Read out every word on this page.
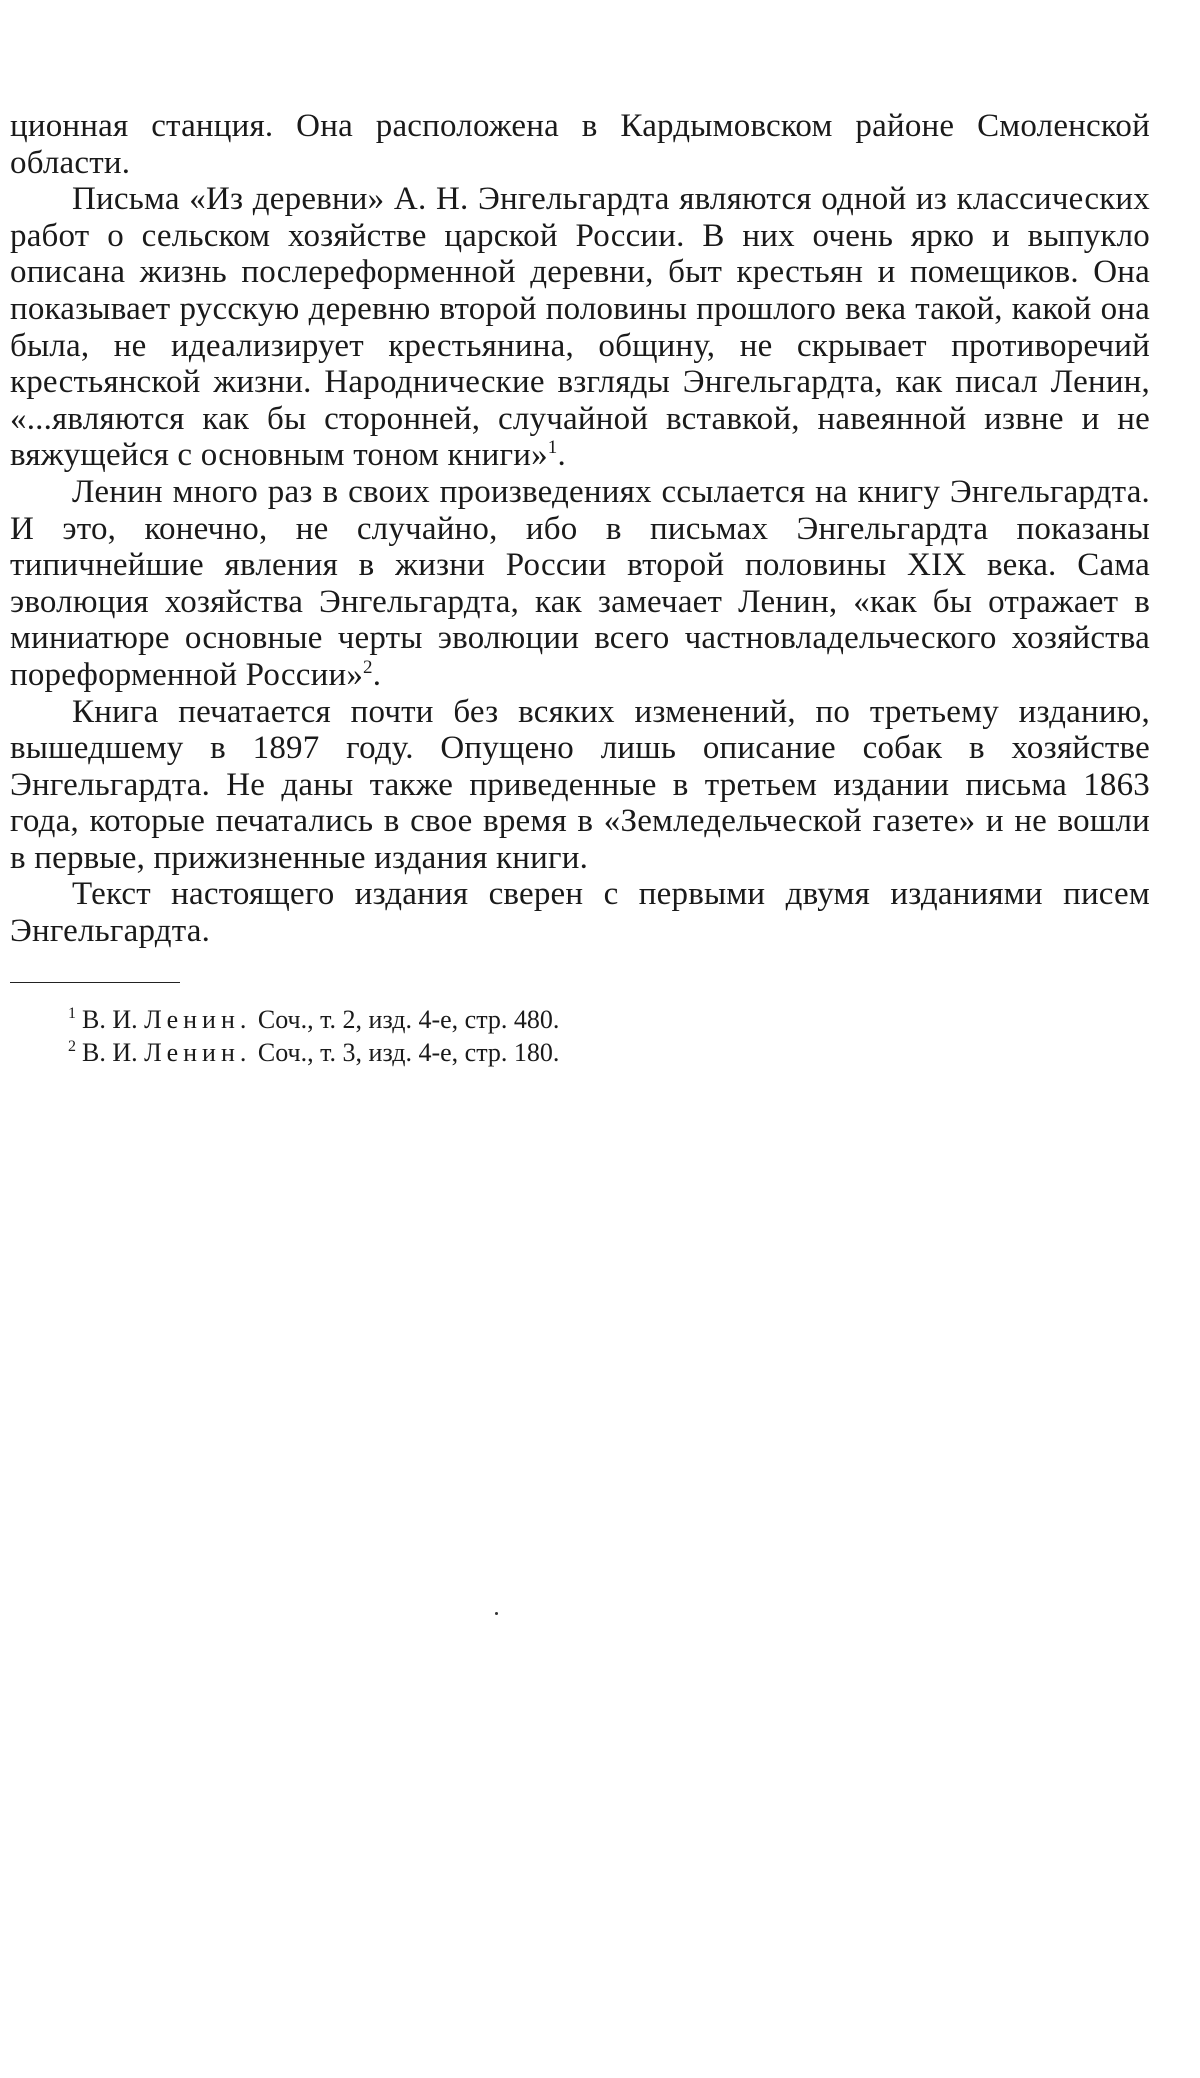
ционная станция. Она расположена в Кардымовском районе Смоленской области.

Письма «Из деревни» А. Н. Энгельгардта являются одной из классических работ о сельском хозяйстве царской России. В них очень ярко и выпукло описана жизнь послереформенной деревни, быт крестьян и помещиков. Она показывает русскую деревню второй половины прошлого века такой, какой она была, не идеализирует крестьянина, общину, не скрывает противоречий крестьянской жизни. Народнические взгляды Энгельгардта, как писал Ленин, «...являются как бы сторонней, случайной вставкой, навеянной извне и не вяжущейся с основным тоном книги»$^1$.

Ленин много раз в своих произведениях ссылается на книгу Энгельгардта. И это, конечно, не случайно, ибо в письмах Энгельгардта показаны типичнейшие явления в жизни России второй половины XIX века. Сама эволюция хозяйства Энгельгардта, как замечает Ленин, «как бы отражает в миниатюре основные черты эволюции всего частновладельческого хозяйства пореформенной России»$^2$.

Книга печатается почти без всяких изменений, по третьему изданию, вышедшему в 1897 году. Опущено лишь описание собак в хозяйстве Энгельгардта. Не даны также приведенные в третьем издании письма 1863 года, которые печатались в свое время в «Земледельческой газете» и не вошли в первые, прижизненные издания книги.

Текст настоящего издания сверен с первыми двумя изданиями писем Энгельгардта.

$^1$ В. И. Ленин. Соч., т. 2, изд. 4-е, стр. 480.

$^2$ В. И. Ленин. Соч., т. 3, изд. 4-е, стр. 180.
